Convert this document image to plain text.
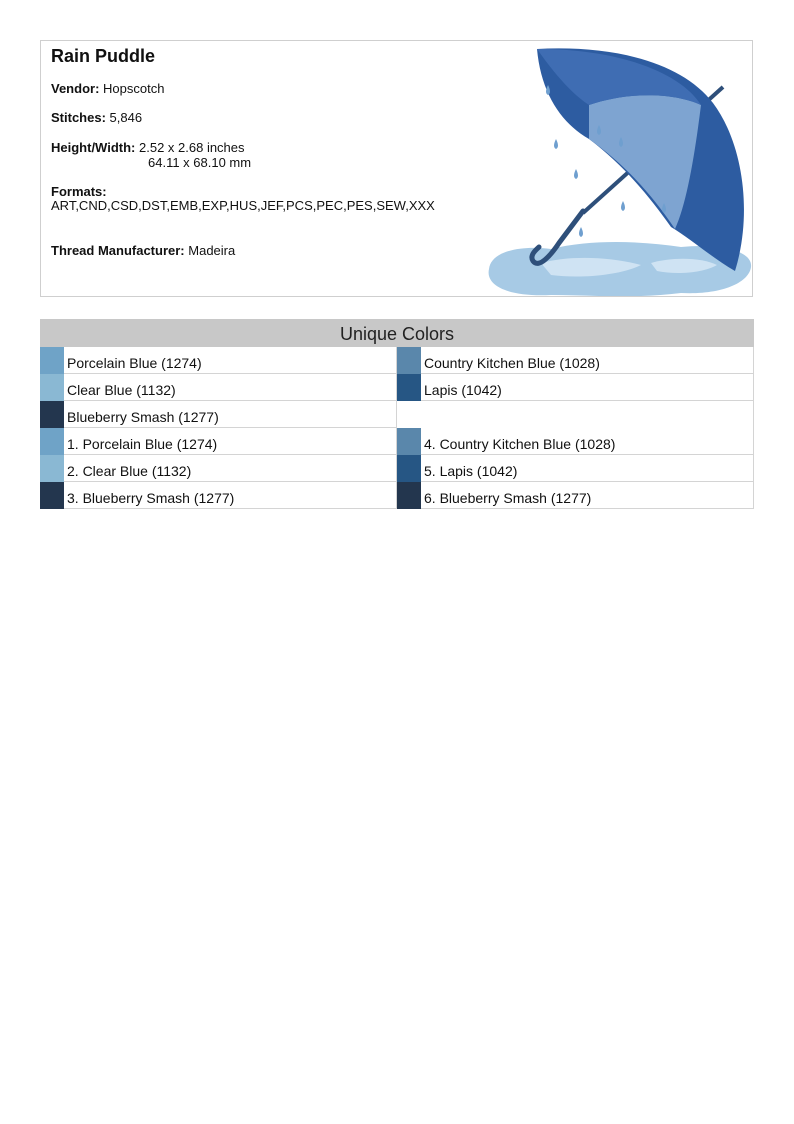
Rain Puddle
Vendor: Hopscotch
Stitches: 5,846
Height/Width: 2.52 x 2.68 inches
64.11 x 68.10 mm
Formats:
ART,CND,CSD,DST,EMB,EXP,HUS,JEF,PCS,PEC,PES,SEW,XXX
Thread Manufacturer: Madeira
Unique Colors
Porcelain Blue (1274)	Country Kitchen Blue (1028)
Clear Blue (1132)	Lapis (1042)
Blueberry Smash (1277)
1. Porcelain Blue (1274)	4. Country Kitchen Blue (1028)
2. Clear Blue (1132)	5. Lapis (1042)
3. Blueberry Smash (1277)	6. Blueberry Smash (1277)
